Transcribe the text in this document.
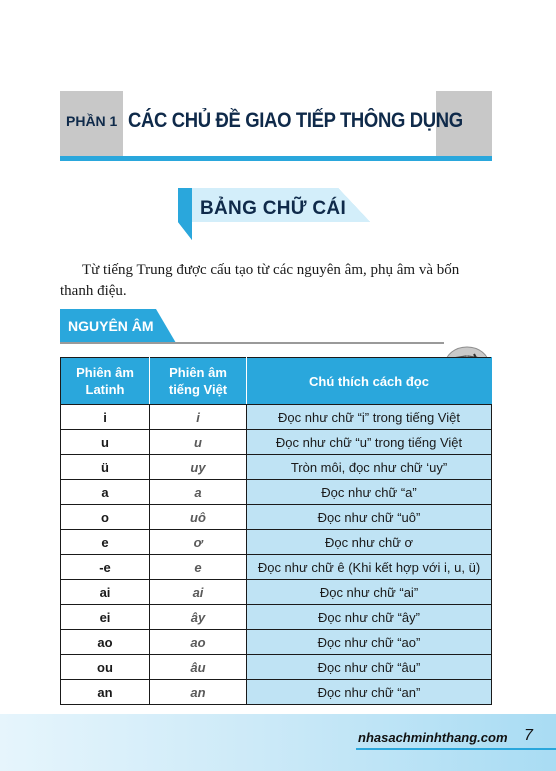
PHẦN 1 CÁC CHỦ ĐỀ GIAO TIẾP THÔNG DỤNG
BẢNG CHỮ CÁI
Từ tiếng Trung được cấu tạo từ các nguyên âm, phụ âm và bốn thanh điệu.
NGUYÊN ÂM
Phiên âm Latinh	Phiên âm tiếng Việt	Chú thích cách đọc
i	i	Đọc như chữ “i” trong tiếng Việt
u	u	Đọc như chữ “u” trong tiếng Việt
ü	uy	Tròn môi, đọc như chữ ‘uy”
a	a	Đọc như chữ “a”
o	uô	Đọc như chữ “uô”
e	ơ	Đọc như chữ ơ
-e	e	Đọc như chữ ê (Khi kết hợp với i, u, ü)
ai	ai	Đọc như chữ “ai”
ei	ây	Đọc như chữ “ây”
ao	ao	Đọc như chữ “ao”
ou	âu	Đọc như chữ “âu”
an	an	Đọc như chữ “an”
nhasachminhthang.com 7
